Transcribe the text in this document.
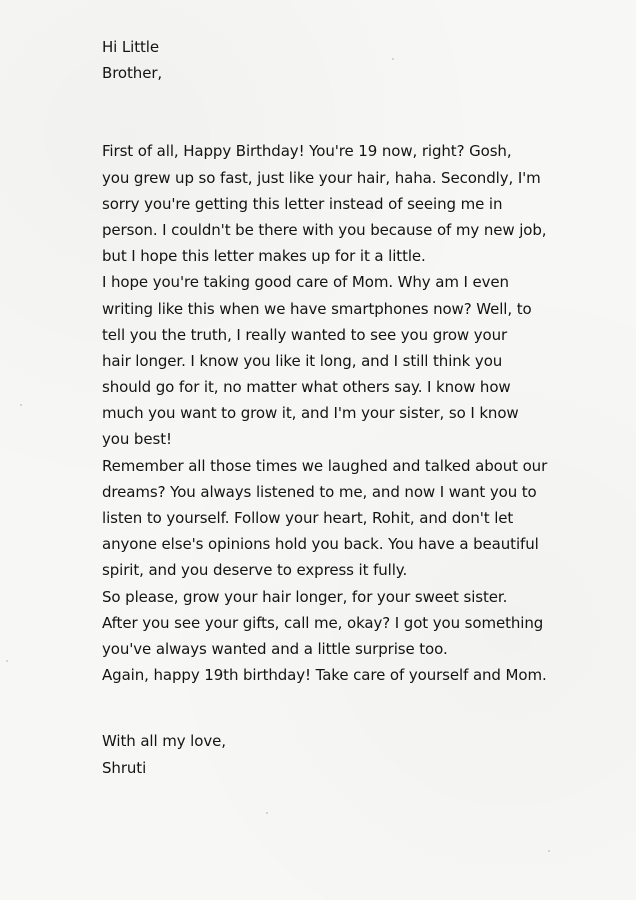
Hi Little
Brother,
First of all, Happy Birthday! You're 19 now, right? Gosh,
you grew up so fast, just like your hair, haha. Secondly, I'm
sorry you're getting this letter instead of seeing me in
person. I couldn't be there with you because of my new job,
but I hope this letter makes up for it a little.
I hope you're taking good care of Mom. Why am I even
writing like this when we have smartphones now? Well, to
tell you the truth, I really wanted to see you grow your
hair longer. I know you like it long, and I still think you
should go for it, no matter what others say. I know how
much you want to grow it, and I'm your sister, so I know
you best!
Remember all those times we laughed and talked about our
dreams? You always listened to me, and now I want you to
listen to yourself. Follow your heart, Rohit, and don't let
anyone else's opinions hold you back. You have a beautiful
spirit, and you deserve to express it fully.
So please, grow your hair longer, for your sweet sister.
After you see your gifts, call me, okay? I got you something
you've always wanted and a little surprise too.
Again, happy 19th birthday! Take care of yourself and Mom.
With all my love,
Shruti
